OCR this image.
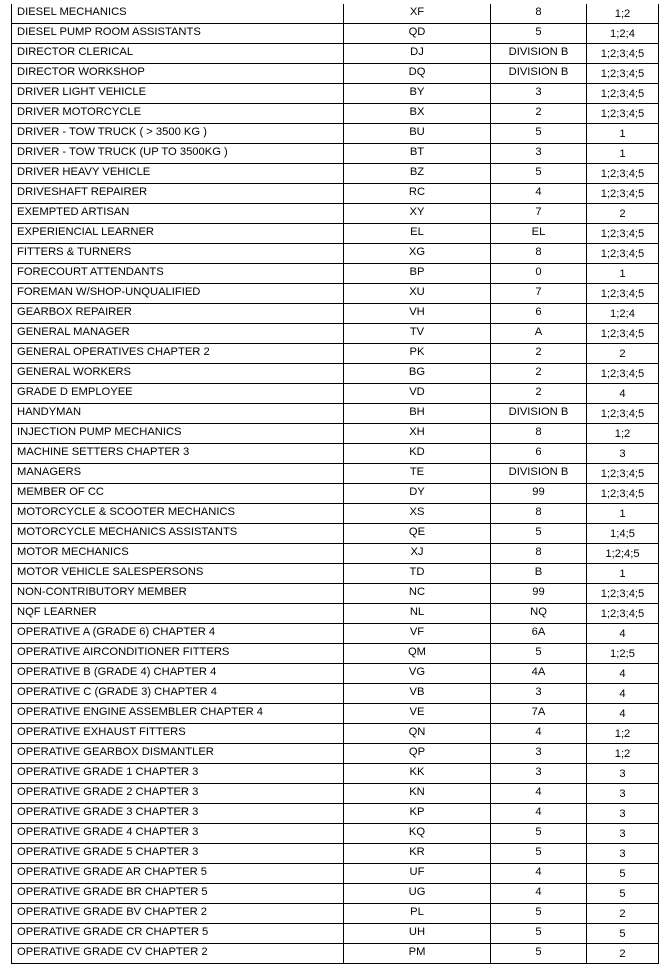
DIESEL MECHANICS	XF	8	1;2
DIESEL PUMP ROOM ASSISTANTS	QD	5	1;2;4
DIRECTOR CLERICAL	DJ	DIVISION B	1;2;3;4;5
DIRECTOR WORKSHOP	DQ	DIVISION B	1;2;3;4;5
DRIVER LIGHT VEHICLE	BY	3	1;2;3;4;5
DRIVER MOTORCYCLE	BX	2	1;2;3;4;5
DRIVER - TOW TRUCK ( > 3500 KG )	BU	5	1
DRIVER - TOW TRUCK (UP TO 3500KG )	BT	3	1
DRIVER HEAVY VEHICLE	BZ	5	1;2;3;4;5
DRIVESHAFT REPAIRER	RC	4	1;2;3;4;5
EXEMPTED ARTISAN	XY	7	2
EXPERIENCIAL LEARNER	EL	EL	1;2;3;4;5
FITTERS & TURNERS	XG	8	1;2;3;4;5
FORECOURT ATTENDANTS	BP	0	1
FOREMAN W/SHOP-UNQUALIFIED	XU	7	1;2;3;4;5
GEARBOX REPAIRER	VH	6	1;2;4
GENERAL MANAGER	TV	A	1;2;3;4;5
GENERAL OPERATIVES CHAPTER 2	PK	2	2
GENERAL WORKERS	BG	2	1;2;3;4;5
GRADE D EMPLOYEE	VD	2	4
HANDYMAN	BH	DIVISION B	1;2;3;4;5
INJECTION PUMP MECHANICS	XH	8	1;2
MACHINE SETTERS CHAPTER 3	KD	6	3
MANAGERS	TE	DIVISION B	1;2;3;4;5
MEMBER OF CC	DY	99	1;2;3;4;5
MOTORCYCLE & SCOOTER MECHANICS	XS	8	1
MOTORCYCLE MECHANICS ASSISTANTS	QE	5	1;4;5
MOTOR MECHANICS	XJ	8	1;2;4;5
MOTOR VEHICLE SALESPERSONS	TD	B	1
NON-CONTRIBUTORY MEMBER	NC	99	1;2;3;4;5
NQF LEARNER	NL	NQ	1;2;3;4;5
OPERATIVE A (GRADE 6) CHAPTER 4	VF	6A	4
OPERATIVE AIRCONDITIONER FITTERS	QM	5	1;2;5
OPERATIVE B (GRADE 4) CHAPTER 4	VG	4A	4
OPERATIVE C (GRADE 3) CHAPTER 4	VB	3	4
OPERATIVE ENGINE ASSEMBLER CHAPTER 4	VE	7A	4
OPERATIVE EXHAUST FITTERS	QN	4	1;2
OPERATIVE GEARBOX DISMANTLER	QP	3	1;2
OPERATIVE GRADE 1 CHAPTER 3	KK	3	3
OPERATIVE GRADE 2 CHAPTER 3	KN	4	3
OPERATIVE GRADE 3 CHAPTER 3	KP	4	3
OPERATIVE GRADE 4 CHAPTER 3	KQ	5	3
OPERATIVE GRADE 5 CHAPTER 3	KR	5	3
OPERATIVE GRADE AR CHAPTER 5	UF	4	5
OPERATIVE GRADE BR CHAPTER 5	UG	4	5
OPERATIVE GRADE BV CHAPTER 2	PL	5	2
OPERATIVE GRADE CR CHAPTER 5	UH	5	5
OPERATIVE GRADE CV CHAPTER 2	PM	5	2
